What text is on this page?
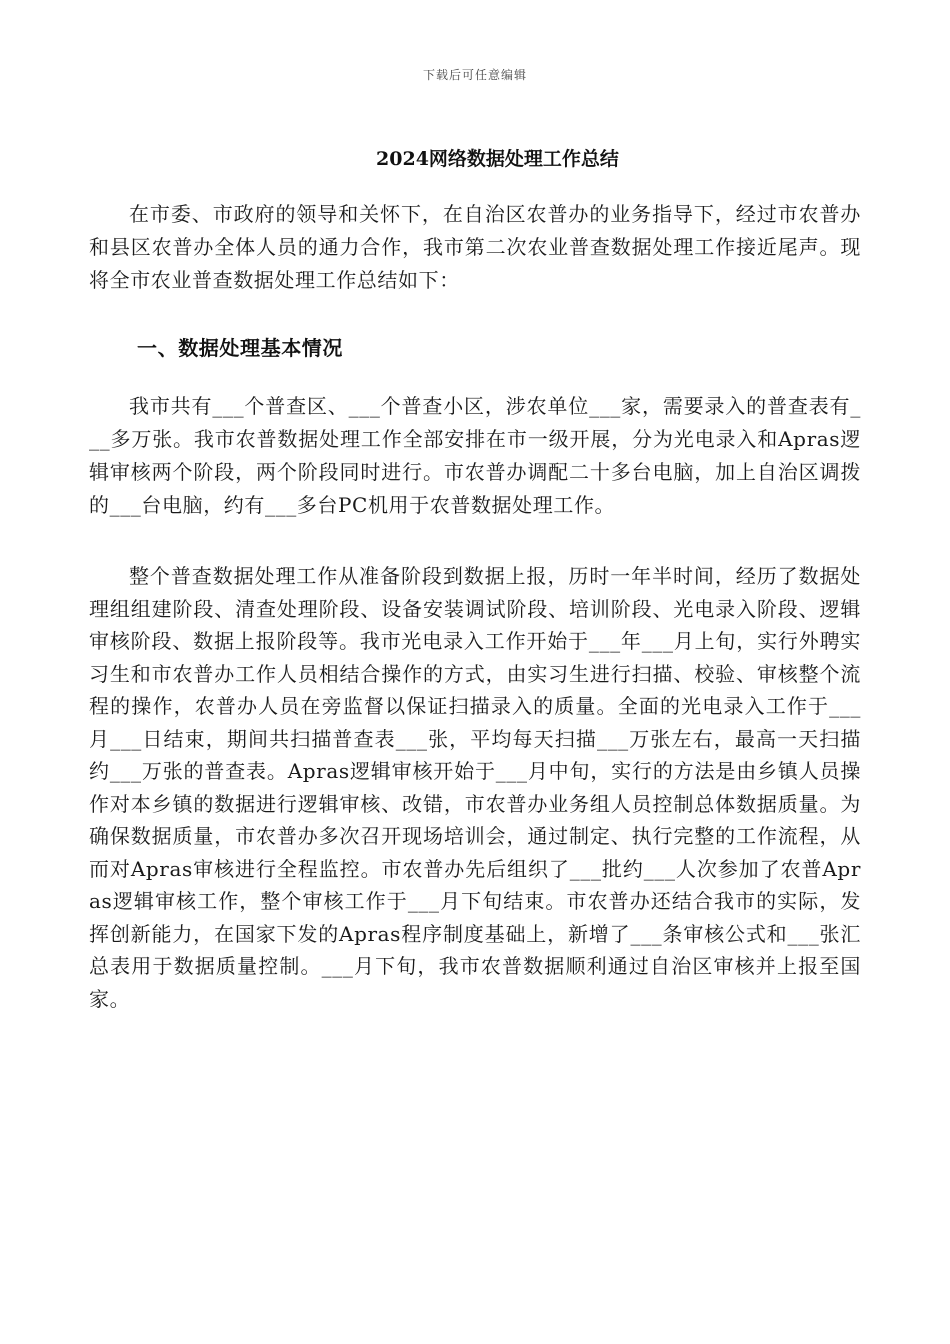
下载后可任意编辑
2024网络数据处理工作总结
在市委、市政府的领导和关怀下，在自治区农普办的业务指导下，经过市农普办和县区农普办全体人员的通力合作，我市第二次农业普查数据处理工作接近尾声。现将全市农业普查数据处理工作总结如下：
一、数据处理基本情况
我市共有___个普查区、___个普查小区，涉农单位___家，需要录入的普查表有___多万张。我市农普数据处理工作全部安排在市一级开展，分为光电录入和Apras逻辑审核两个阶段，两个阶段同时进行。市农普办调配二十多台电脑，加上自治区调拨的___台电脑，约有___多台PC机用于农普数据处理工作。
整个普查数据处理工作从准备阶段到数据上报，历时一年半时间，经历了数据处理组组建阶段、清查处理阶段、设备安装调试阶段、培训阶段、光电录入阶段、逻辑审核阶段、数据上报阶段等。我市光电录入工作开始于___年___月上旬，实行外聘实习生和市农普办工作人员相结合操作的方式，由实习生进行扫描、校验、审核整个流程的操作，农普办人员在旁监督以保证扫描录入的质量。全面的光电录入工作于___月___日结束，期间共扫描普查表___张，平均每天扫描___万张左右，最高一天扫描约___万张的普查表。Apras逻辑审核开始于___月中旬，实行的方法是由乡镇人员操作对本乡镇的数据进行逻辑审核、改错，市农普办业务组人员控制总体数据质量。为确保数据质量，市农普办多次召开现场培训会，通过制定、执行完整的工作流程，从而对Apras审核进行全程监控。市农普办先后组织了___批约___人次参加了农普Apras逻辑审核工作，整个审核工作于___月下旬结束。市农普办还结合我市的实际，发挥创新能力，在国家下发的Apras程序制度基础上，新增了___条审核公式和___张汇总表用于数据质量控制。___月下旬，我市农普数据顺利通过自治区审核并上报至国家。
